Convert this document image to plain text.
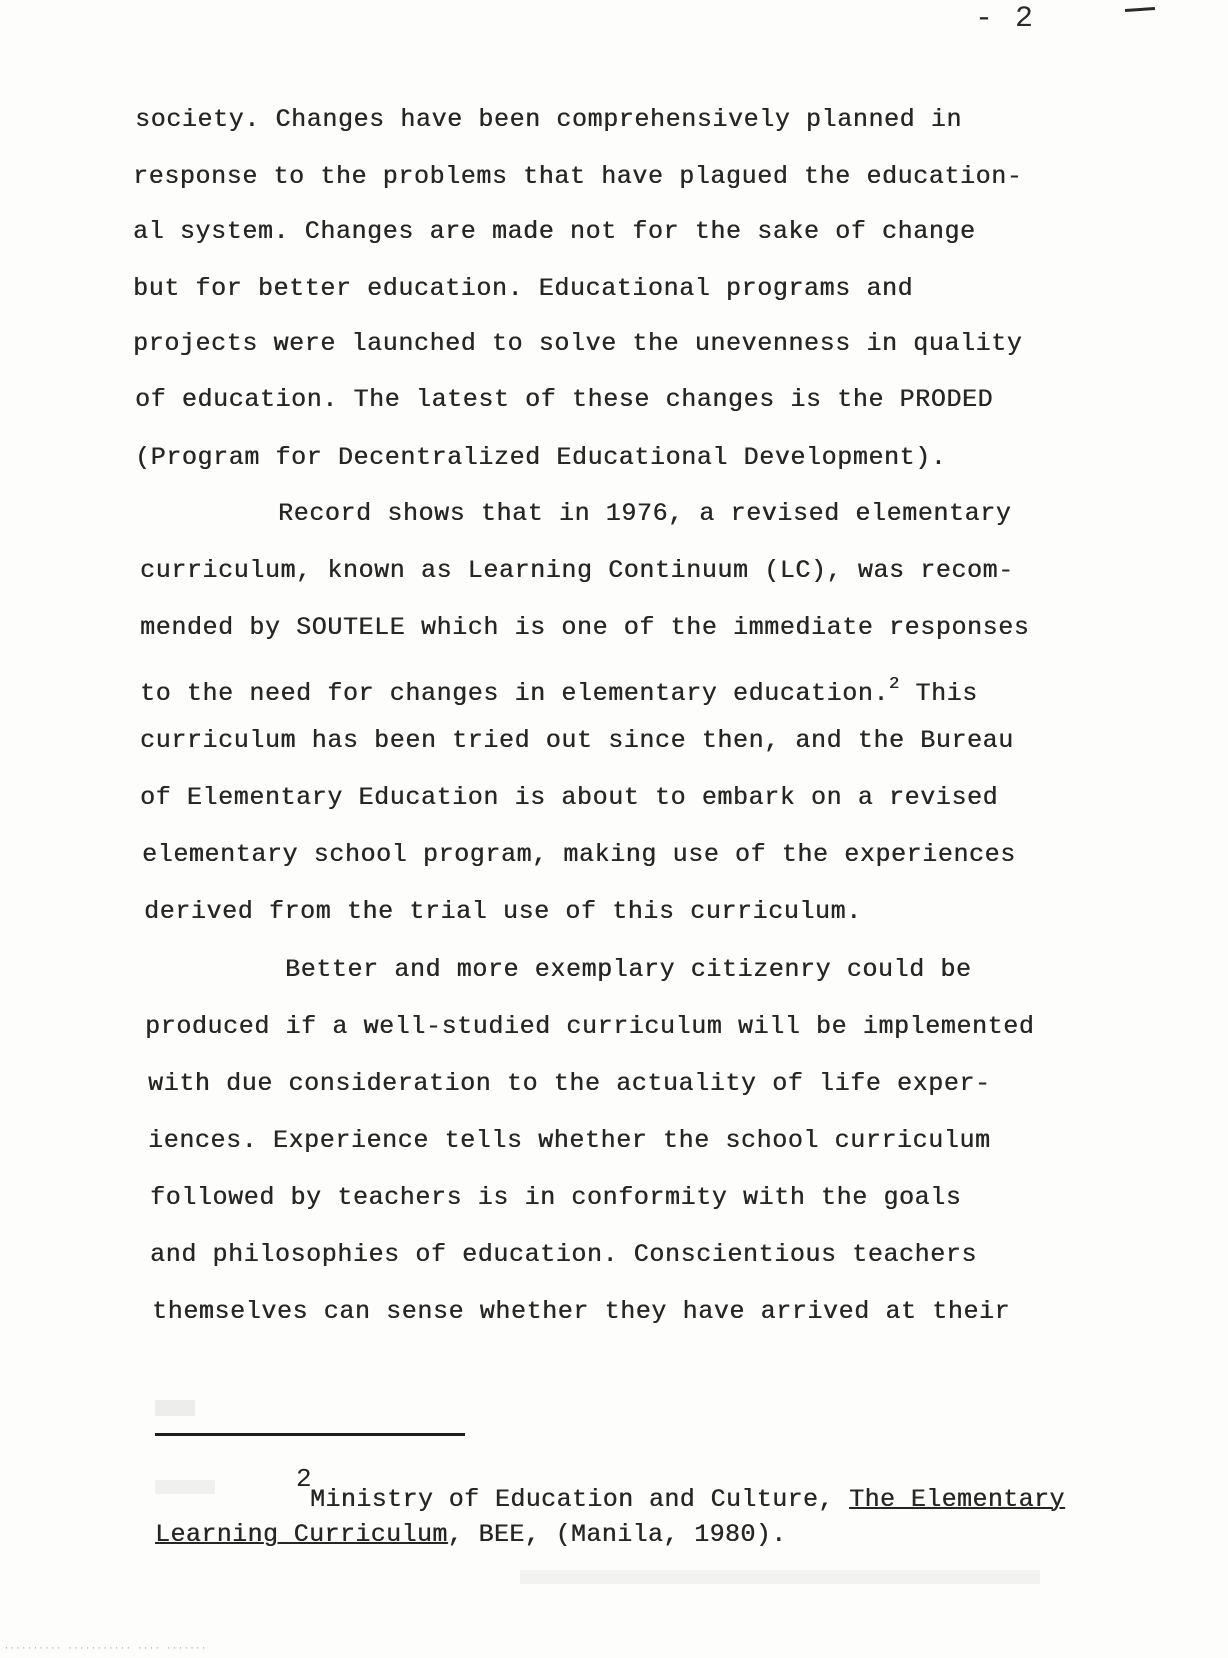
- 2
society. Changes have been comprehensively planned in
response to the problems that have plagued the education-
al system. Changes are made not for the sake of change
but for better education. Educational programs and
projects were launched to solve the unevenness in quality
of education. The latest of these changes is the PRODED
(Program for Decentralized Educational Development).
Record shows that in 1976, a revised elementary
curriculum, known as Learning Continuum (LC), was recom-
mended by SOUTELE which is one of the immediate responses
to the need for changes in elementary education.$^2$ This
curriculum has been tried out since then, and the Bureau
of Elementary Education is about to embark on a revised
elementary school program, making use of the experiences
derived from the trial use of this curriculum.
Better and more exemplary citizenry could be
produced if a well-studied curriculum will be implemented
with due consideration to the actuality of life exper-
iences. Experience tells whether the school curriculum
followed by teachers is in conformity with the goals
and philosophies of education. Conscientious teachers
themselves can sense whether they have arrived at their
2
Ministry of Education and Culture, The Elementary
Learning Curriculum, BEE, (Manila, 1980).
·········· ··········· ···· ·······
